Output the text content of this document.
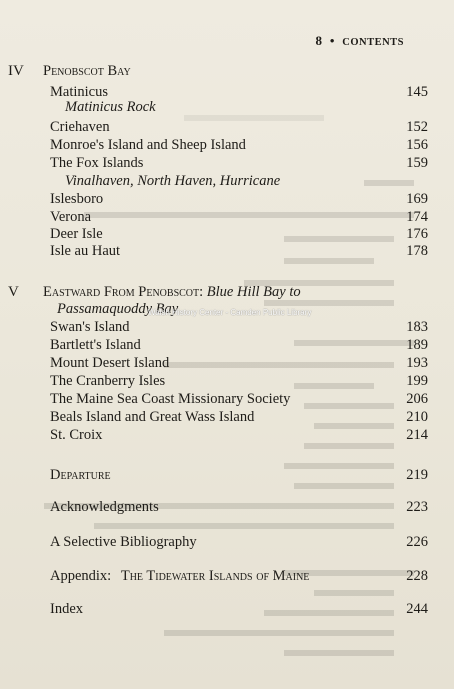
8 • CONTENTS
IV Penobscot Bay
Matinicus	145
Matinicus Rock
Criehaven	152
Monroe's Island and Sheep Island	156
The Fox Islands	159
Vinalhaven, North Haven, Hurricane
Islesboro	169
Verona	174
Deer Isle	176
Isle au Haut	178
V Eastward From Penobscot: Blue Hill Bay to
Passamaquoddy Bay
Swan's Island	183
Bartlett's Island	189
Mount Desert Island	193
The Cranberry Isles	199
The Maine Sea Coast Missionary Society	206
Beals Island and Great Wass Island	210
St. Croix	214
Departure	219
Acknowledgments	223
A Selective Bibliography	226
Appendix: The Tidewater Islands of Maine	228
Index	244
Walsh History Center - Camden Public Library
